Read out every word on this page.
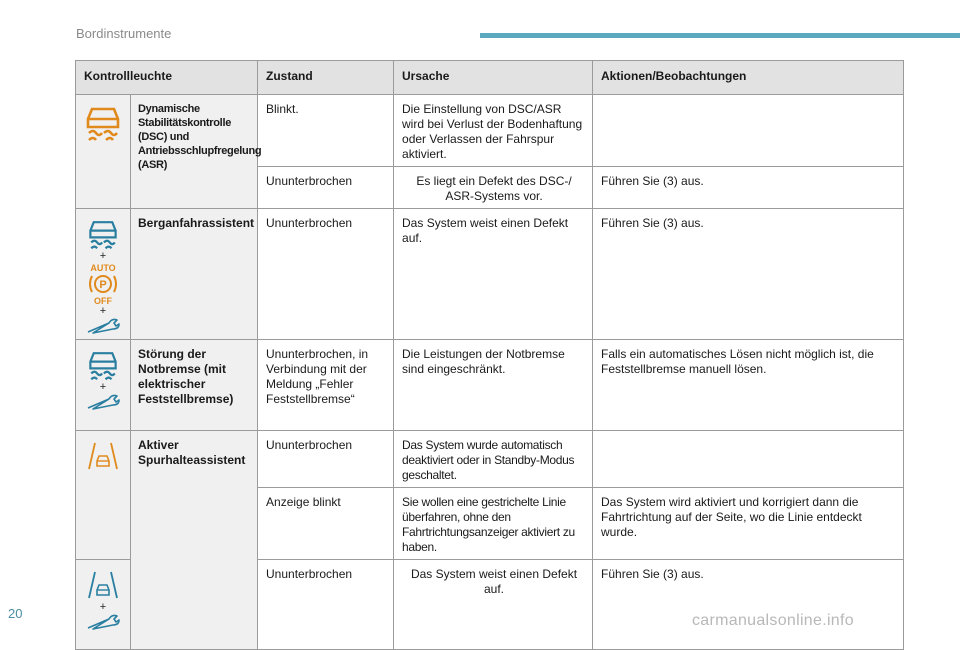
Bordinstrumente
Kontrollleuchte		Zustand	Ursache	Aktionen/Beobachtungen

	Dynamische Stabilitätskontrolle (DSC) und Antriebsschlupfregelung (ASR)	Blinkt.	Die Einstellung von DSC/ASR wird bei Verlust der Bodenhaftung oder Verlassen der Fahrspur aktiviert.	
		Ununterbrochen	Es liegt ein Defekt des DSC-/ ASR-Systems vor.	Führen Sie (3) aus.

+
AUTO
P
OFF
+	Berganfahrassistent	Ununterbrochen	Das System weist einen Defekt auf.	Führen Sie (3) aus.

+	Störung der Notbremse (mit elektrischer Feststellbremse)	Ununterbrochen, in Verbindung mit der Meldung „Fehler Feststellbremse“	Die Leistungen der Notbremse sind eingeschränkt.	Falls ein automatisches Lösen nicht möglich ist, die Feststellbremse manuell lösen.

	Aktiver Spurhalteassistent	Ununterbrochen	Das System wurde automatisch deaktiviert oder in Standby-Modus geschaltet.	
		Anzeige blinkt	Sie wollen eine gestrichelte Linie überfahren, ohne den Fahrtrichtungsanzeiger aktiviert zu haben.	Das System wird aktiviert und korrigiert dann die Fahrtrichtung auf der Seite, wo die Linie entdeckt wurde.

+		Ununterbrochen	Das System weist einen Defekt auf.	Führen Sie (3) aus.
20	carmanualsonline.info
